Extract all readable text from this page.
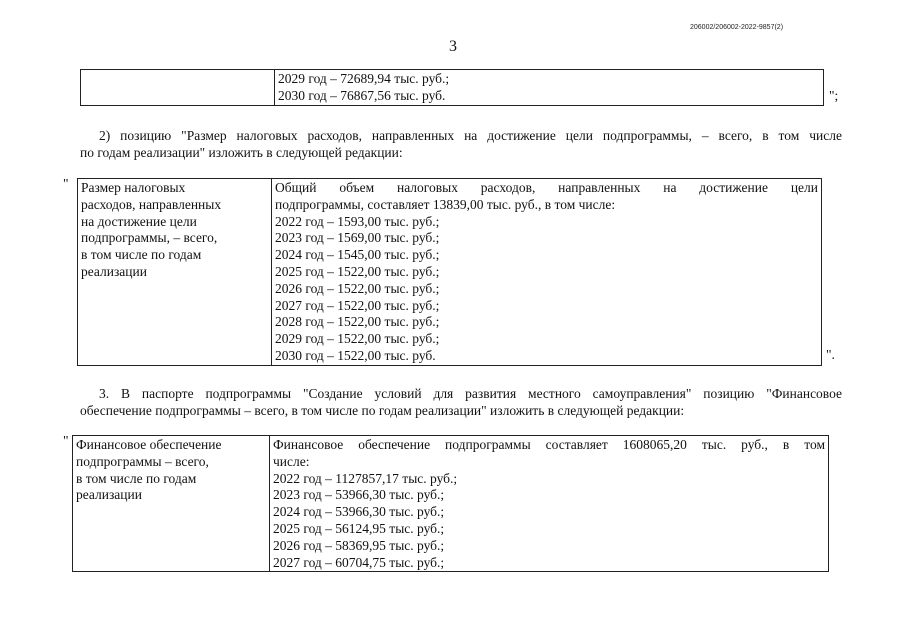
206002/206002-2022-9857(2)
3

2029 год – 72689,94 тыс. руб.;
2030 год – 76867,56 тыс. руб.	";

2) позицию "Размер налоговых расходов, направленных на достижение цели подпрограммы, – всего, в том числе
по годам реализации" изложить в следующей редакции:

" Размер налоговых
расходов, направленных
на достижение цели
подпрограммы, – всего,
в том числе по годам
реализации

Общий объем налоговых расходов, направленных на достижение цели
подпрограммы, составляет 13839,00 тыс. руб., в том числе:
2022 год – 1593,00 тыс. руб.;
2023 год – 1569,00 тыс. руб.;
2024 год – 1545,00 тыс. руб.;
2025 год – 1522,00 тыс. руб.;
2026 год – 1522,00 тыс. руб.;
2027 год – 1522,00 тыс. руб.;
2028 год – 1522,00 тыс. руб.;
2029 год – 1522,00 тыс. руб.;
2030 год – 1522,00 тыс. руб.	".

3. В паспорте подпрограммы "Создание условий для развития местного самоуправления" позицию "Финансовое
обеспечение подпрограммы – всего, в том числе по годам реализации" изложить в следующей редакции:

" Финансовое обеспечение
подпрограммы – всего,
в том числе по годам
реализации

Финансовое обеспечение подпрограммы составляет 1608065,20 тыс. руб., в том
числе:
2022 год – 1127857,17 тыс. руб.;
2023 год – 53966,30 тыс. руб.;
2024 год – 53966,30 тыс. руб.;
2025 год – 56124,95 тыс. руб.;
2026 год – 58369,95 тыс. руб.;
2027 год – 60704,75 тыс. руб.;
